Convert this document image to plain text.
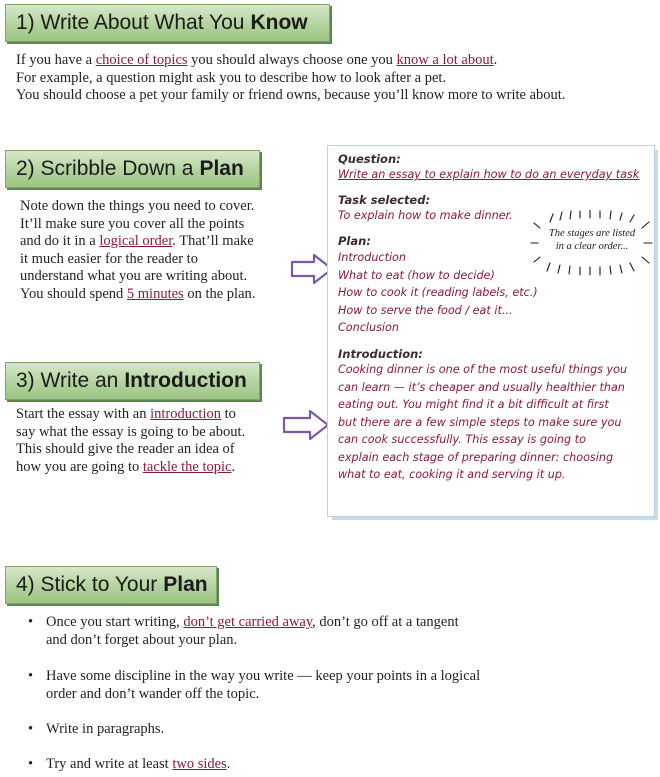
1)
Write About What You Know
If you have a choice of topics you should always choose one you know a lot about.
For example, a question might ask you to describe how to look after a pet.
You should choose a pet your family or friend owns, because you’ll know more to write about.
2)
Scribble Down a Plan
Note down the things you need to cover.
It’ll make sure you cover all the points
and do it in a logical order. That’ll make
it much easier for the reader to
understand what you are writing about.
You should spend 5 minutes on the plan.
3)
Write an Introduction
Start the essay with an introduction to
say what the essay is going to be about.
This should give the reader an idea of
how you are going to tackle the topic.
Question:
Write an essay to explain how to do an everyday task
Task selected:
To explain how to make dinner.
Plan:
Introduction
What to eat (how to decide)
How to cook it (reading labels, etc.)
How to serve the food / eat it...
Conclusion
Introduction:
Cooking dinner is one of the most useful things you
can learn — it’s cheaper and usually healthier than
eating out. You might find it a bit difficult at first
but there are a few simple steps to make sure you
can cook successfully. This essay is going to
explain each stage of preparing dinner: choosing
what to eat, cooking it and serving it up.
The stages are listed
in a clear order...
4)
Stick to Your Plan
• Once you start writing, don’t get carried away, don’t go off at a tangent
and don’t forget about your plan.
• Have some discipline in the way you write — keep your points in a logical
order and don’t wander off the topic.
• Write in paragraphs.
• Try and write at least two sides.
